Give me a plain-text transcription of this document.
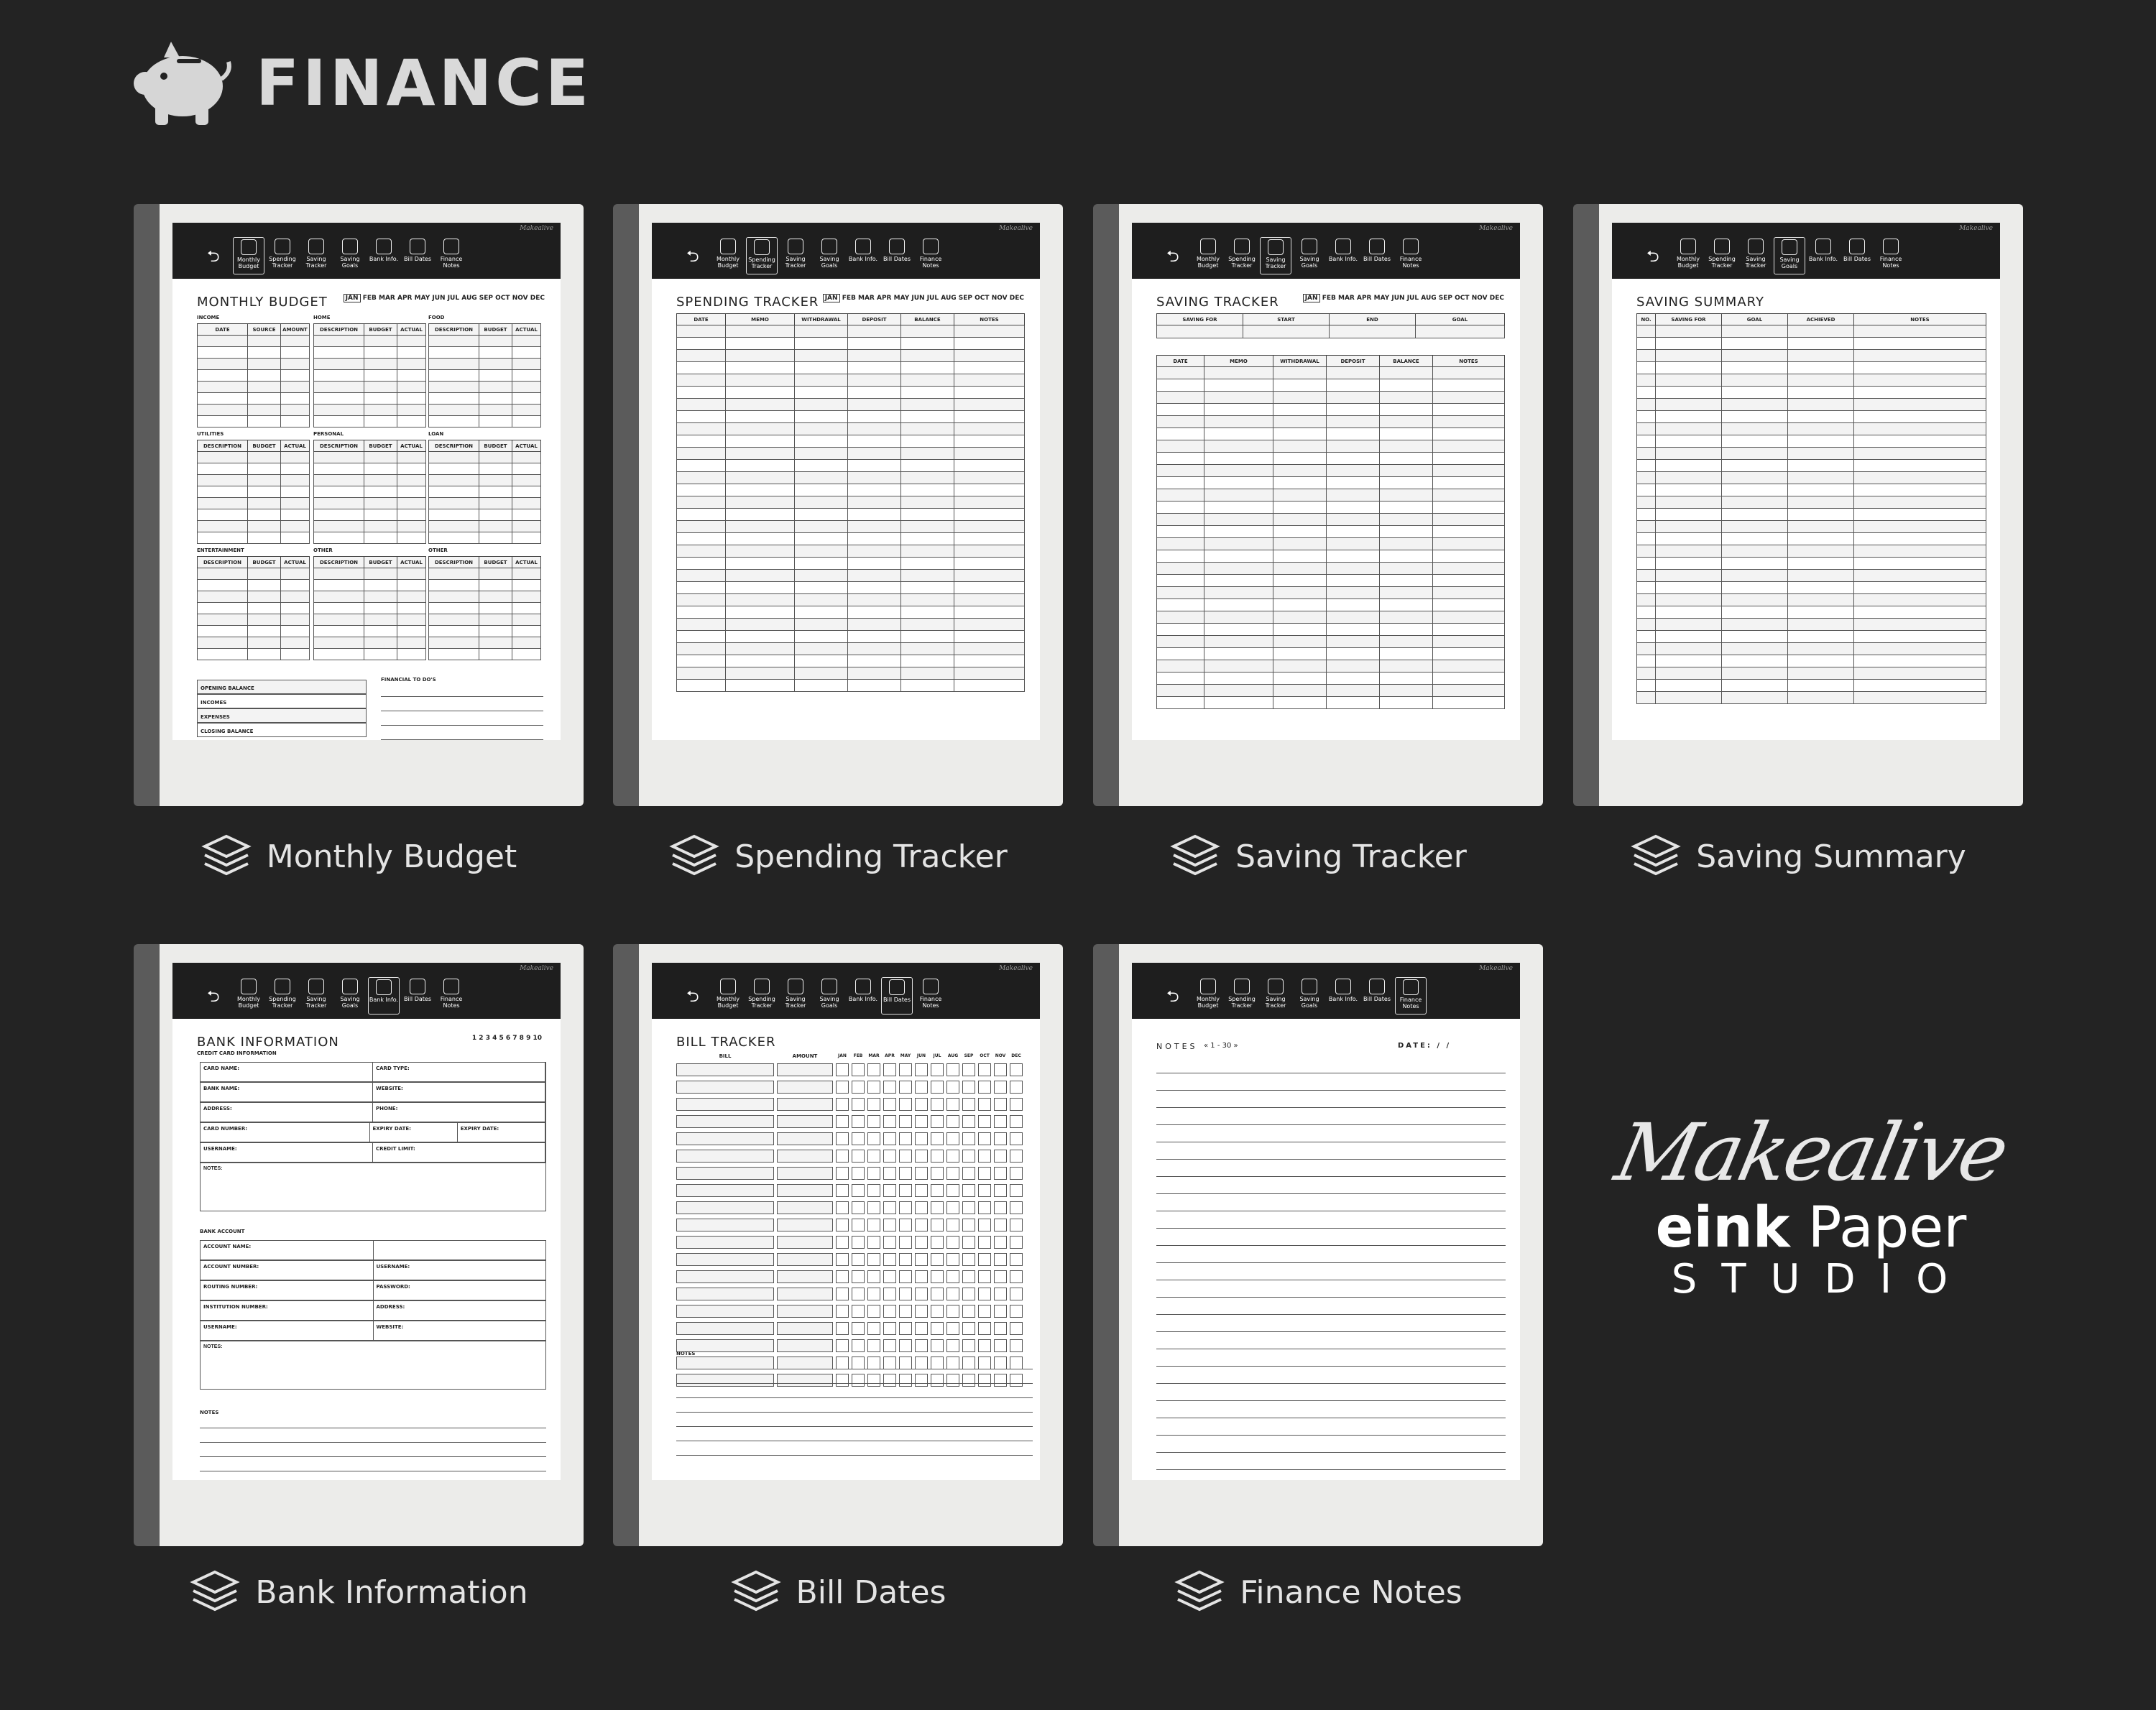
FINANCE
Makealive
⮌	Monthly Budget
Spending Tracker
Saving Tracker
Saving Goals
Bank Info. Bill Dates	Finance Notes
MONTHLY BUDGET	JAN FEB MAR APR MAY JUN JUL AUG SEP OCT NOV DEC
INCOME
DATE	SOURCE	AMOUNT

HOME
DESCRIPTION	BUDGET	ACTUAL

FOOD
DESCRIPTION	BUDGET	ACTUAL

UTILITIES
DESCRIPTION	BUDGET	ACTUAL

PERSONAL
DESCRIPTION	BUDGET	ACTUAL

LOAN
DESCRIPTION	BUDGET	ACTUAL

ENTERTAINMENT
DESCRIPTION	BUDGET	ACTUAL

OTHER
DESCRIPTION	BUDGET	ACTUAL

OTHER
DESCRIPTION	BUDGET	ACTUAL

OPENING BALANCE
INCOMES
EXPENSES
CLOSING BALANCE
FINANCIAL TO DO'S
Monthly Budget
Makealive
⮌	Monthly Budget
Spending Tracker
Saving Tracker
Saving Goals
Bank Info. Bill Dates	Finance Notes
SPENDING TRACKER JAN FEB MAR APR MAY JUN JUL AUG SEP OCT NOV DEC
DATE	MEMO	WITHDRAWAL	DEPOSIT	BALANCE	NOTES

Spending Tracker
Makealive
⮌	Monthly Budget
Spending Tracker
Saving Tracker
Saving Goals
Bank Info. Bill Dates	Finance Notes
SAVING TRACKER	JAN FEB MAR APR MAY JUN JUL AUG SEP OCT NOV DEC
SAVING FOR	START	END	GOAL

DATE	MEMO	WITHDRAWAL	DEPOSIT	BALANCE	NOTES

Saving Tracker
Makealive
⮌	Monthly Budget
Spending Tracker
Saving Tracker
Saving Goals
Bank Info. Bill Dates	Finance Notes
SAVING SUMMARY
NO.	SAVING FOR	GOAL	ACHIEVED	NOTES

Saving Summary
Makealive
⮌	Monthly Budget
Spending Tracker
Saving Tracker
Saving Goals
Bank Info. Bill Dates	Finance Notes
BANK INFORMATION	1 2 3 4 5 6 7 8 9 10
CREDIT CARD INFORMATION
CARD NAME:	CARD TYPE:
BANK NAME:	WEBSITE:
ADDRESS:	PHONE:
CARD NUMBER:	EXPIRY DATE:	EXPIRY DATE:
USERNAME:	CREDIT LIMIT:
NOTES:
BANK ACCOUNT
ACCOUNT NAME:
ACCOUNT NUMBER:	USERNAME:
ROUTING NUMBER:	PASSWORD:
INSTITUTION NUMBER:	ADDRESS:
USERNAME:	WEBSITE:
NOTES:
NOTES
Bank Information
Makealive
⮌	Monthly Budget
Spending Tracker
Saving Tracker
Saving Goals
Bank Info. Bill Dates	Finance Notes
BILL TRACKER
BILL	AMOUNT	JAN	FEB	MAR	APR	MAY	JUN	JUL	AUG	SEP	OCT	NOV	DEC
NOTES
Bill Dates
Makealive
⮌	Monthly Budget
Spending Tracker
Saving Tracker
Saving Goals
Bank Info. Bill Dates	Finance Notes
NOTES « 1 - 30 »	DATE: / /
Finance Notes
Makealive
eink Paper
STUDIO
